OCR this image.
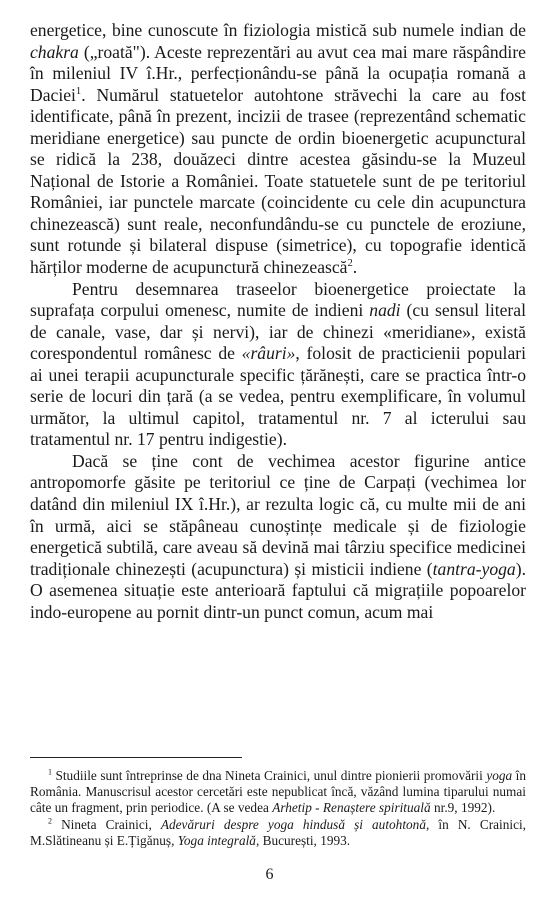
energetice, bine cunoscute în fiziologia mistică sub numele indian de chakra („roată"). Aceste reprezentări au avut cea mai mare răspândire în mileniul IV î.Hr., perfecționându-se până la ocupația romană a Daciei$^1$. Numărul statuetelor autohtone străvechi la care au fost identificate, până în prezent, incizii de trasee (reprezentând schematic meridiane energetice) sau puncte de ordin bioenergetic acupunctural se ridică la 238, douăzeci dintre acestea găsindu-se la Muzeul Național de Istorie a României. Toate statuetele sunt de pe teritoriul României, iar punctele marcate (coincidente cu cele din acupunctura chinezească) sunt reale, neconfundându-se cu punctele de eroziune, sunt rotunde și bilateral dispuse (simetrice), cu topografie identică hărților moderne de acupunctură chinezească$^2$.

Pentru desemnarea traseelor bioenergetice proiectate la suprafața corpului omenesc, numite de indieni nadi (cu sensul literal de canale, vase, dar și nervi), iar de chinezi «meridiane», există corespondentul românesc de «râuri», folosit de practicienii populari ai unei terapii acupuncturale specific țărănești, care se practica într-o serie de locuri din țară (a se vedea, pentru exemplificare, în volumul următor, la ultimul capitol, tratamentul nr. 7 al icterului sau tratamentul nr. 17 pentru indigestie).

Dacă se ține cont de vechimea acestor figurine antice antropomorfe găsite pe teritoriul ce ține de Carpați (vechimea lor datând din mileniul IX î.Hr.), ar rezulta logic că, cu multe mii de ani în urmă, aici se stăpâneau cunoștințe medicale și de fiziologie energetică subtilă, care aveau să devină mai târziu specifice medicinei tradiționale chinezești (acupunctura) și misticii indiene (tantra-yoga). O asemenea situație este anterioară faptului că migrațiile popoarelor indo-europene au pornit dintr-un punct comun, acum mai

$^1$ Studiile sunt întreprinse de dna Nineta Crainici, unul dintre pionierii promovării yoga în România. Manuscrisul acestor cercetări este nepublicat încă, văzând lumina tiparului numai câte un fragment, prin periodice. (A se vedea Arhetip - Renaștere spirituală nr.9, 1992).

$^2$ Nineta Crainici, Adevăruri despre yoga hindusă și autohtonă, în N. Crainici, M.Slătineanu și E.Țigănuș, Yoga integrală, București, 1993.

6
